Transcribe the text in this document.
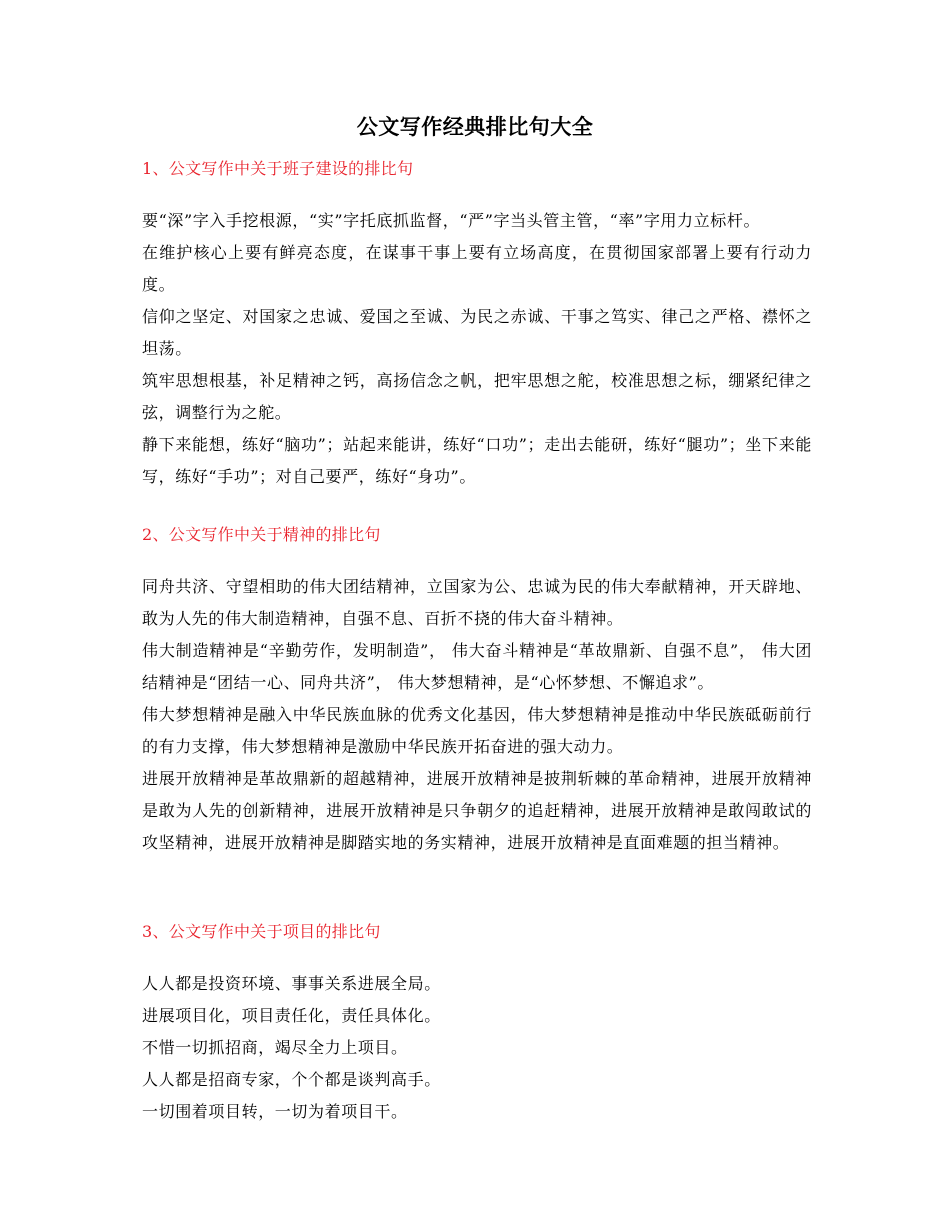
公文写作经典排比句大全

1、公文写作中关于班子建设的排比句

要“深”字入手挖根源，“实”字托底抓监督，“严”字当头管主管，“率”字用力立标杆。

在维护核心上要有鲜亮态度，在谋事干事上要有立场高度，在贯彻国家部署上要有行动力度。

信仰之坚定、对国家之忠诚、爱国之至诚、为民之赤诚、干事之笃实、律己之严格、襟怀之坦荡。

筑牢思想根基，补足精神之钙，高扬信念之帆，把牢思想之舵，校准思想之标，绷紧纪律之弦，调整行为之舵。

静下来能想，练好“脑功”；站起来能讲，练好“口功”；走出去能研，练好“腿功”；坐下来能写，练好“手功”；对自己要严，练好“身功”。

2、公文写作中关于精神的排比句

同舟共济、守望相助的伟大团结精神，立国家为公、忠诚为民的伟大奉献精神，开天辟地、敢为人先的伟大制造精神，自强不息、百折不挠的伟大奋斗精神。

伟大制造精神是“辛勤劳作，发明制造”， 伟大奋斗精神是“革故鼎新、自强不息”， 伟大团结精神是“团结一心、同舟共济”， 伟大梦想精神，是“心怀梦想、不懈追求”。

伟大梦想精神是融入中华民族血脉的优秀文化基因，伟大梦想精神是推动中华民族砥砺前行的有力支撑，伟大梦想精神是激励中华民族开拓奋进的强大动力。

进展开放精神是革故鼎新的超越精神，进展开放精神是披荆斩棘的革命精神，进展开放精神是敢为人先的创新精神，进展开放精神是只争朝夕的追赶精神，进展开放精神是敢闯敢试的攻坚精神，进展开放精神是脚踏实地的务实精神，进展开放精神是直面难题的担当精神。

3、公文写作中关于项目的排比句

人人都是投资环境、事事关系进展全局。

进展项目化，项目责任化，责任具体化。

不惜一切抓招商，竭尽全力上项目。

人人都是招商专家，个个都是谈判高手。

一切围着项目转，一切为着项目干。
